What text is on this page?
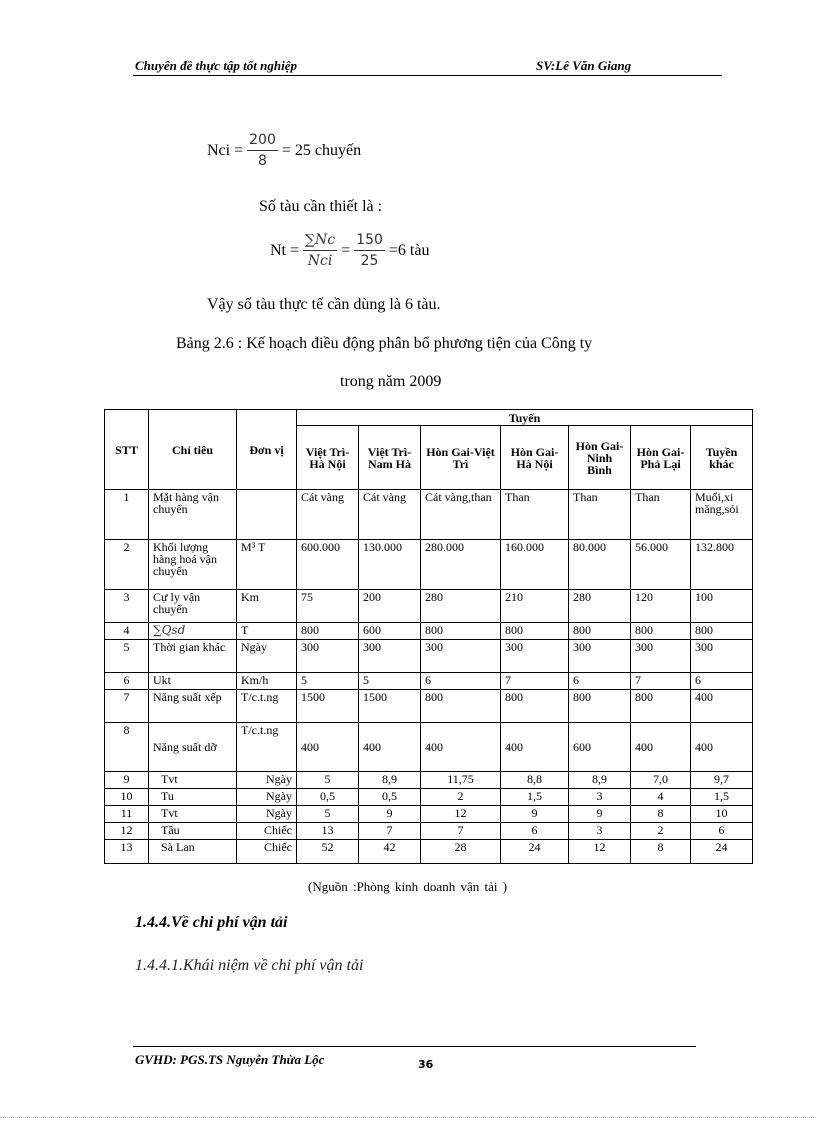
Chuyên đề thực tập tốt nghiệp	SV:Lê Văn Giang
Nci = $\frac{200}{8} = 25$ chuyến
Số tàu cần thiết là :
$Nt = \frac{\sum Nc}{\text{Nci}} = \frac{150}{25} =6$ tàu
Vậy số tàu thực tế cần dùng là 6 tàu.
Bảng 2.6 : Kế hoạch điều động phân bổ phương tiện của Công ty
trong năm 2009
STT	Chỉ tiêu	Đơn vị	Tuyến						
			Việt Trì-Hà Nội	Việt Trì-Nam Hà	Hòn Gai-Việt Trì	Hòn Gai-Hà Nội	Hòn Gai-Ninh Bình	Hòn Gai-Phả Lại	Tuyền khác
1	Mặt hàng vận chuyển		Cát vàng	Cát vàng	Cát vàng,than	Than	Than	Than	Muối,xi măng,sỏi
2	Khối lượng hàng hoá vận chuyển	M³ T	600.000	130.000	280.000	160.000	80.000	56.000	132.800
3	Cự ly vận chuyển	Km	75	200	280	210	280	120	100
4	∑Qsd	T	800	600	800	800	800	800	800
5	Thời gian khác	Ngày	300	300	300	300	300	300	300
6	Ukt	Km/h	5	5	6	7	6	7	6
7	Năng suất xếp	T/c.t.ng	1500	1500	800	800	800	800	400
8	Năng suất dỡ	T/c.t.ng	400	400	400	400	600	400	400
9	Tvt	Ngày	5	8,9	11,75	8,8	8,9	7,0	9,7
10	Tu	Ngày	0,5	0,5	2	1,5	3	4	1,5
11	Tvt	Ngày	5	9	12	9	9	8	10
12	Tầu	Chiếc	13	7	7	6	3	2	6
13	Sà Lan	Chiếc	52	42	28	24	12	8	24
(Nguồn :Phòng kinh doanh vận tải )
1.4.4.Về chi phí vận tải
1.4.4.1.Khái niệm về chi phí vận tải
GVHD: PGS.TS Nguyễn Thừa Lộc	36
